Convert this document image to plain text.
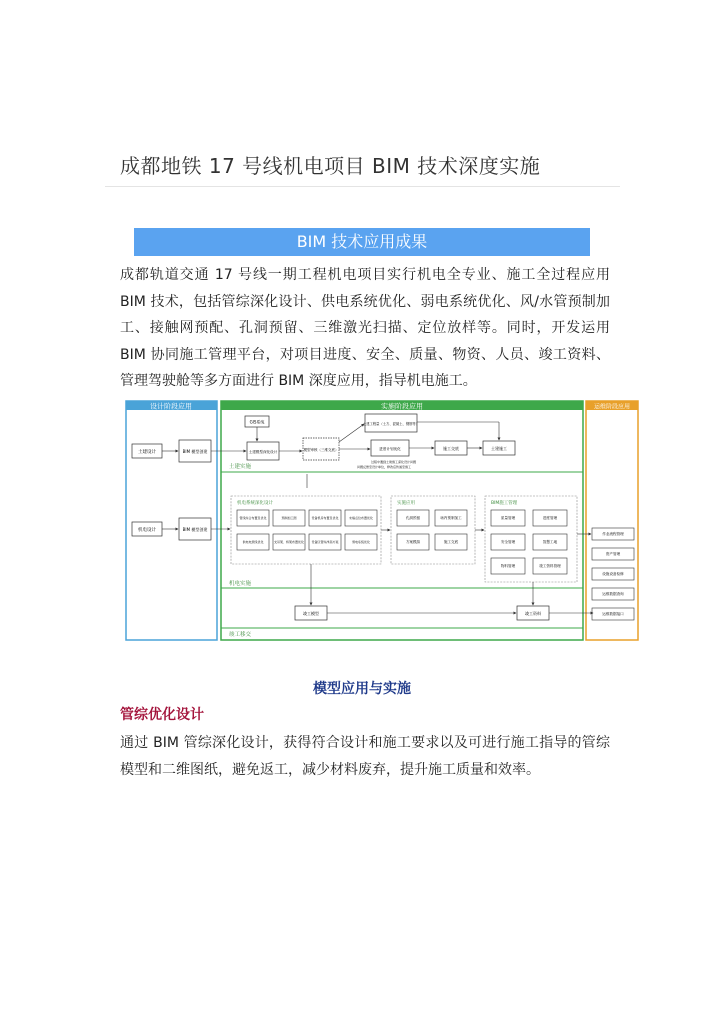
成都地铁 17 号线机电项目 BIM 技术深度实施
BIM 技术应用成果
成都轨道交通 17 号线一期工程机电项目实行机电全专业、施工全过程应用 BIM 技术，包括管综深化设计、供电系统优化、弱电系统优化、风/水管预制加工、接触网预配、孔洞预留、三维激光扫描、定位放样等。同时，开发运用 BIM 协同施工管理平台，对项目进度、安全、质量、物资、人员、竣工资料、管理驾驶舱等多方面进行 BIM 深度应用，指导机电施工。
设计阶段应用	实施阶段应用	运维阶段应用
土建实施
机电实施
竣工移交
土建设计	BIM 模型创建
GIS系统
土建模型深化设计	模型审核（三维交底）
土建工程量（土方、混凝土、钢筋等）
进度计划优化	施工交底	土建施工
过程中遇到土建施工深化设计问题
问题反馈至设计单位，修改后传递至施工
机电设计	BIM 模型创建
机电系统深化设计
管线综合布置及优化	预制加工图	设备机房布置及优化	末端点位布置优化
供电电源线优化	支吊架、桥架布置优化 设备区管综净高方案	弱电系统优化
实施应用
孔洞预留	场内预制加工
方案模拟	施工交底
BIM施工管理
质量管理	进度管理
安全管理	智慧工地
物料管理	竣工资料管理
作业流程管理
资产管理
设施设备检修
运维数据查询
运维数据接口
竣工模型	竣工资料
模型应用与实施
管综优化设计
通过 BIM 管综深化设计，获得符合设计和施工要求以及可进行施工指导的管综模型和二维图纸，避免返工，减少材料废弃，提升施工质量和效率。
